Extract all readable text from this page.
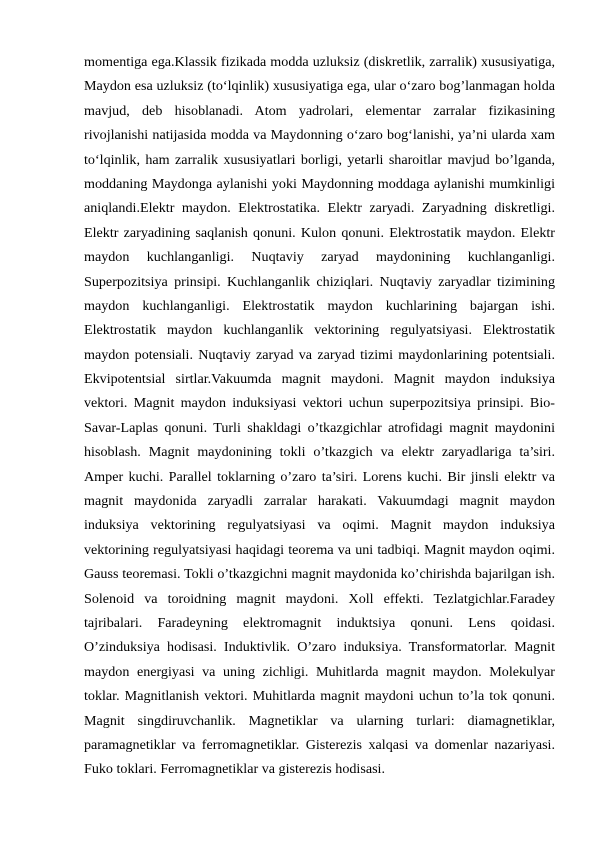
momentiga ega.Klassik fizikada modda uzluksiz (diskretlik, zarralik) xususiyatiga,
Maydon esa uzluksiz (to‘lqinlik) xususiyatiga ega, ular o‘zaro bog’lanmagan holda
mavjud, deb hisoblanadi. Atom yadrolari, elementar zarralar fizikasining
rivojlanishi natijasida modda va Maydonning o‘zaro bog‘lanishi, ya’ni ularda xam
to‘lqinlik, ham zarralik xususiyatlari borligi, yetarli sharoitlar mavjud bo’lganda,
moddaning Maydonga aylanishi yoki Maydonning moddaga aylanishi mumkinligi
aniqlandi.Elektr maydon. Elektrostatika. Elektr zaryadi. Zaryadning diskretligi.
Elektr zaryadining saqlanish qonuni. Kulon qonuni. Elektrostatik maydon. Elektr
maydon kuchlanganligi. Nuqtaviy zaryad maydonining kuchlanganligi.
Superpozitsiya prinsipi. Kuchlanganlik chiziqlari. Nuqtaviy zaryadlar tizimining
maydon kuchlanganligi. Elektrostatik maydon kuchlarining bajargan ishi.
Elektrostatik maydon kuchlanganlik vektorining regulyatsiyasi. Elektrostatik
maydon potensiali. Nuqtaviy zaryad va zaryad tizimi maydonlarining potentsiali.
Ekvipotentsial sirtlar.Vakuumda magnit maydoni. Magnit maydon induksiya
vektori. Magnit maydon induksiyasi vektori uchun superpozitsiya prinsipi. Bio-
Savar-Laplas qonuni. Turli shakldagi o’tkazgichlar atrofidagi magnit maydonini
hisoblash. Magnit maydonining tokli o’tkazgich va elektr zaryadlariga ta’siri.
Amper kuchi. Parallel toklarning o’zaro ta’siri. Lorens kuchi. Bir jinsli elektr va
magnit maydonida zaryadli zarralar harakati. Vakuumdagi magnit maydon
induksiya vektorining regulyatsiyasi va oqimi. Magnit maydon induksiya
vektorining regulyatsiyasi haqidagi teorema va uni tadbiqi. Magnit maydon oqimi.
Gauss teoremasi. Tokli o’tkazgichni magnit maydonida ko’chirishda bajarilgan ish.
Solenoid va toroidning magnit maydoni. Xoll effekti. Tezlatgichlar.Faradey
tajribalari. Faradeyning elektromagnit induktsiya qonuni. Lens qoidasi.
O’zinduksiya hodisasi. Induktivlik. O’zaro induksiya. Transformatorlar. Magnit
maydon energiyasi va uning zichligi. Muhitlarda magnit maydon. Molekulyar
toklar. Magnitlanish vektori. Muhitlarda magnit maydoni uchun to’la tok qonuni.
Magnit singdiruvchanlik. Magnetiklar va ularning turlari: diamagnetiklar,
paramagnetiklar va ferromagnetiklar. Gisterezis xalqasi va domenlar nazariyasi.
Fuko toklari. Ferromagnetiklar va gisterezis hodisasi.
